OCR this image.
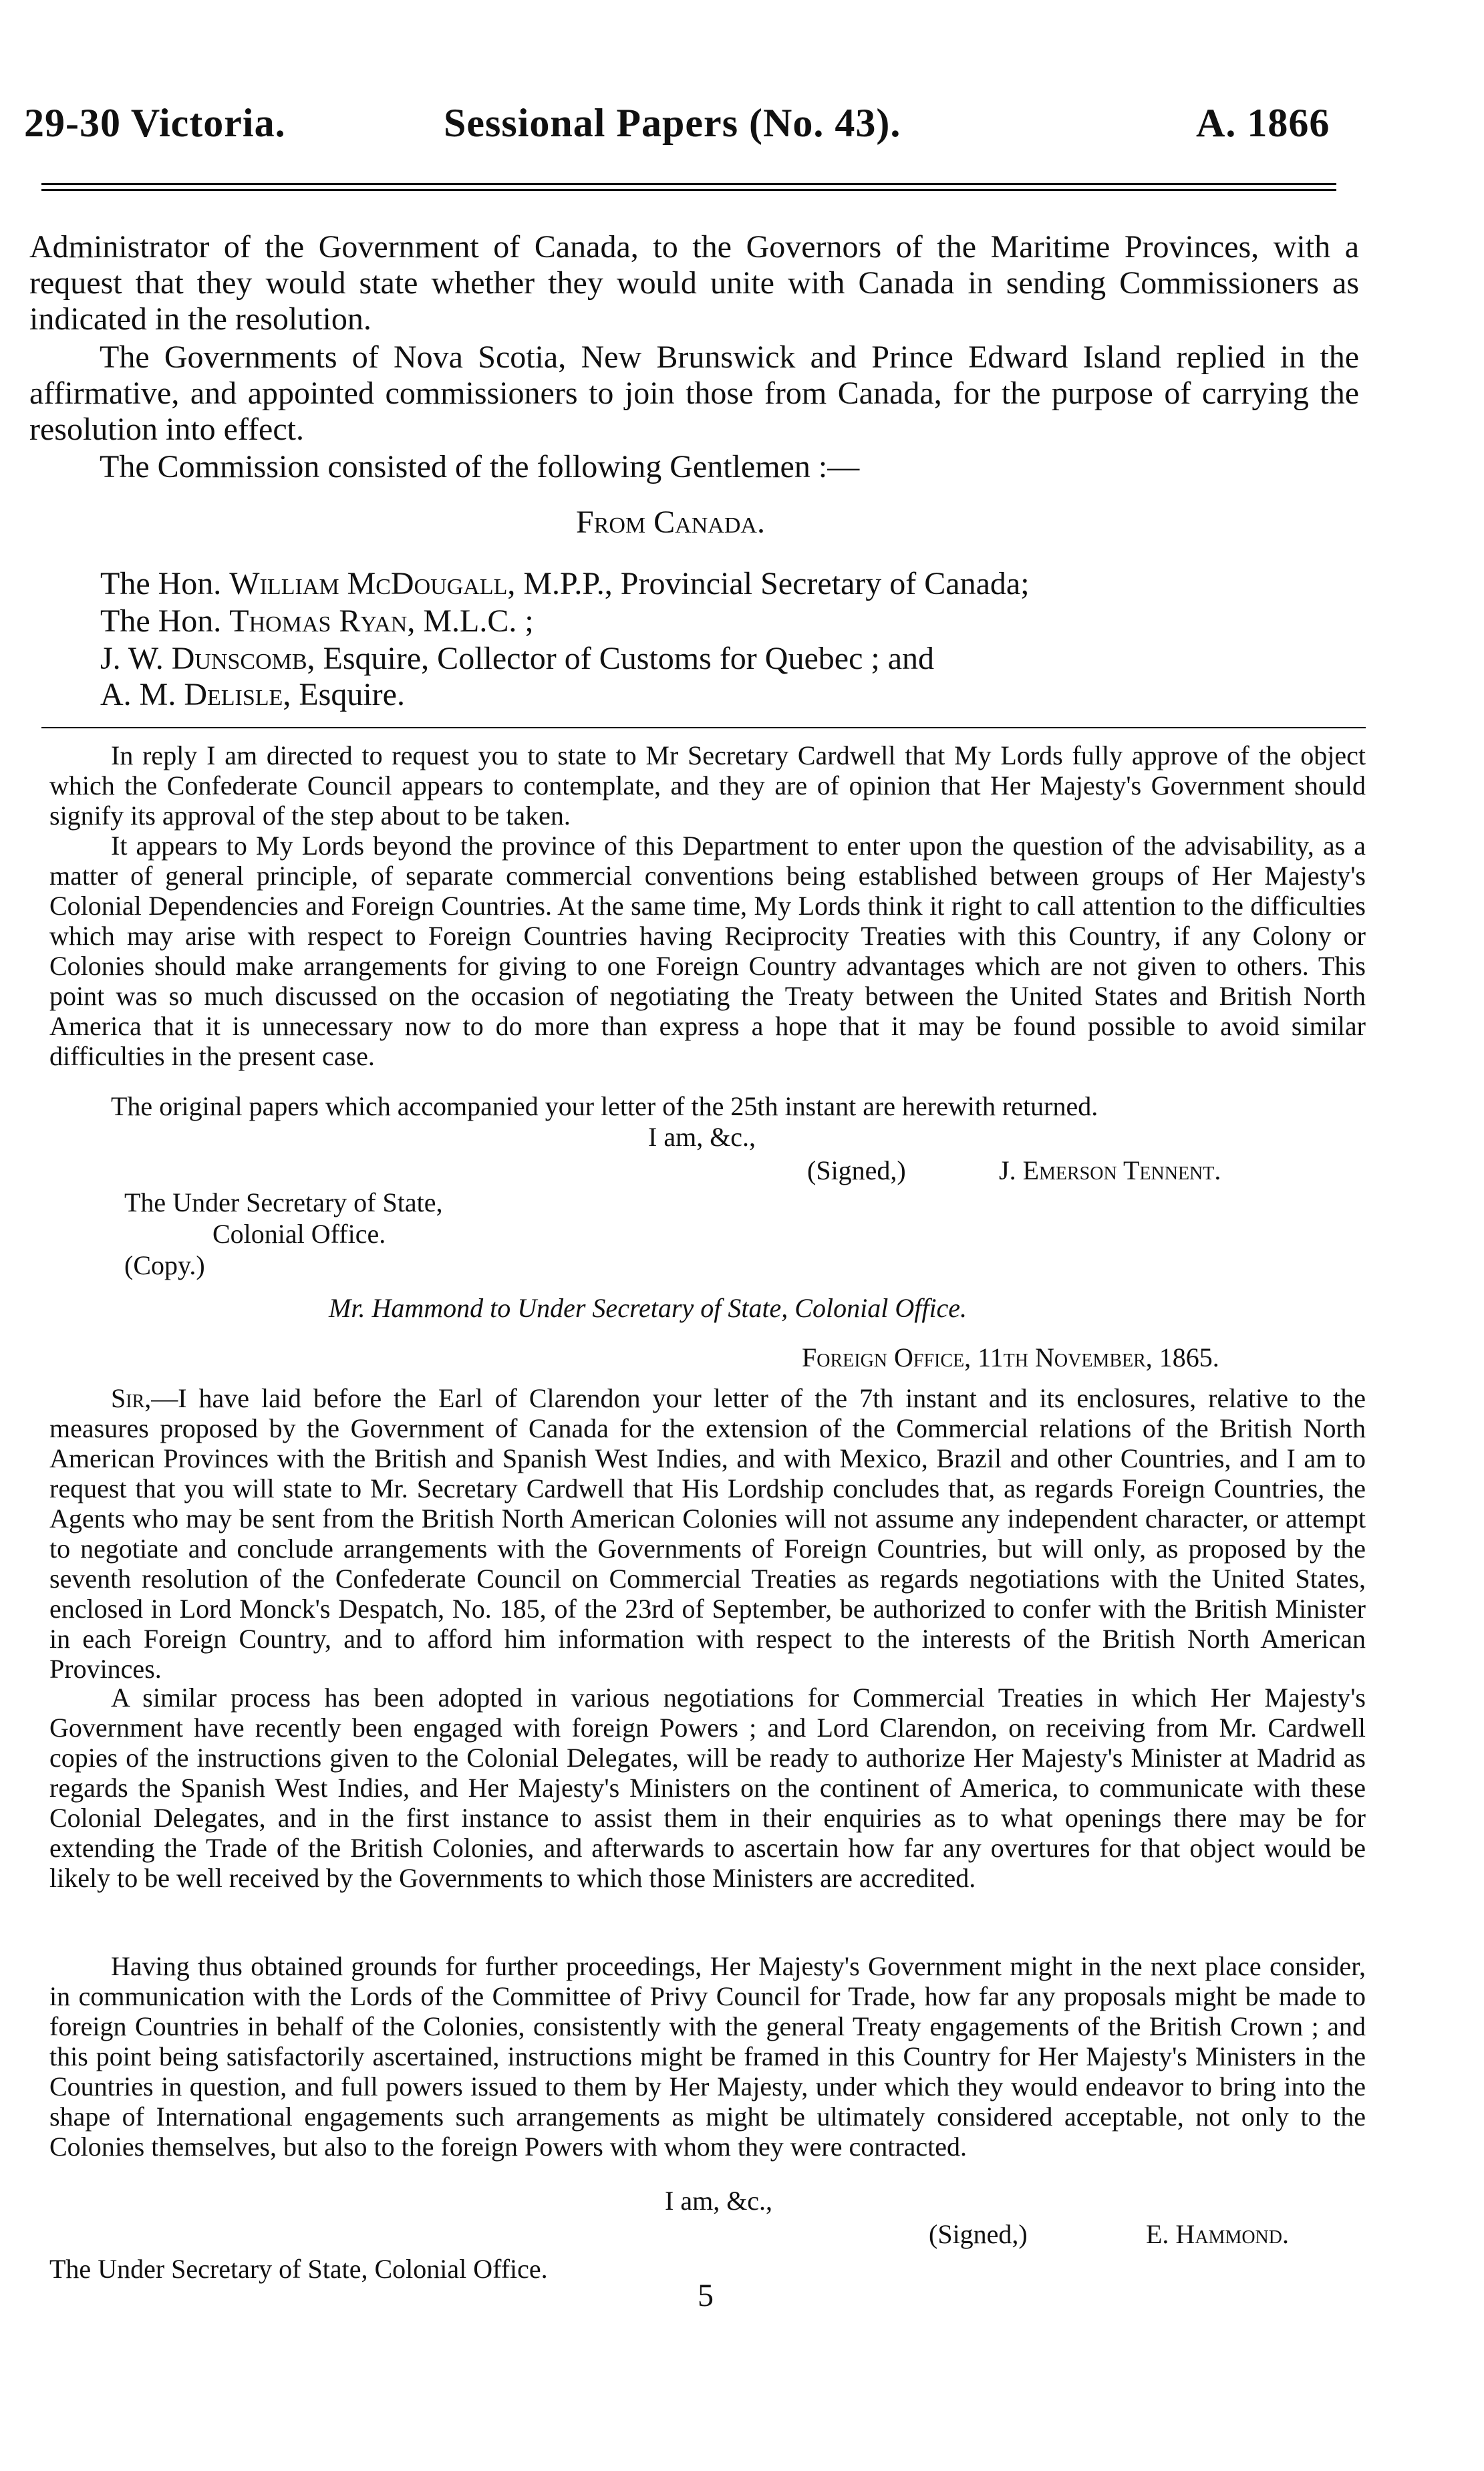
29-30 Victoria.	Sessional Papers (No. 43).	A. 1866

Administrator of the Government of Canada, to the Governors of the Maritime Provinces, with a request that they would state whether they would unite with Canada in sending Commissioners as indicated in the resolution.

The Governments of Nova Scotia, New Brunswick and Prince Edward Island replied in the affirmative, and appointed commissioners to join those from Canada, for the purpose of carrying the resolution into effect.

The Commission consisted of the following Gentlemen :—

From Canada.
The Hon. William McDougall, M.P.P., Provincial Secretary of Canada;
The Hon. Thomas Ryan, M.L.C. ;
J. W. Dunscomb, Esquire, Collector of Customs for Quebec ; and
A. M. Delisle, Esquire.

In reply I am directed to request you to state to Mr Secretary Cardwell that My Lords fully approve of the object which the Confederate Council appears to contemplate, and they are of opinion that Her Majesty's Government should signify its approval of the step about to be taken.

It appears to My Lords beyond the province of this Department to enter upon the question of the advisability, as a matter of general principle, of separate commercial conventions being established between groups of Her Majesty's Colonial Dependencies and Foreign Countries. At the same time, My Lords think it right to call attention to the difficulties which may arise with respect to Foreign Countries having Reciprocity Treaties with this Country, if any Colony or Colonies should make arrangements for giving to one Foreign Country advantages which are not given to others. This point was so much discussed on the occasion of negotiating the Treaty between the United States and British North America that it is unnecessary now to do more than express a hope that it may be found possible to avoid similar difficulties in the present case.

The original papers which accompanied your letter of the 25th instant are herewith returned.

I am, &c.,
(Signed,)	J. Emerson Tennent.
The Under Secretary of State,
Colonial Office.
(Copy.)
Mr. Hammond to Under Secretary of State, Colonial Office.
Foreign Office, 11th November, 1865.

Sir,—I have laid before the Earl of Clarendon your letter of the 7th instant and its enclosures, relative to the measures proposed by the Government of Canada for the extension of the Commercial relations of the British North American Provinces with the British and Spanish West Indies, and with Mexico, Brazil and other Countries, and I am to request that you will state to Mr. Secretary Cardwell that His Lordship concludes that, as regards Foreign Countries, the Agents who may be sent from the British North American Colonies will not assume any independent character, or attempt to negotiate and conclude arrangements with the Governments of Foreign Countries, but will only, as proposed by the seventh resolution of the Confederate Council on Commercial Treaties as regards negotiations with the United States, enclosed in Lord Monck's Despatch, No. 185, of the 23rd of September, be authorized to confer with the British Minister in each Foreign Country, and to afford him information with respect to the interests of the British North American Provinces.

A similar process has been adopted in various negotiations for Commercial Treaties in which Her Majesty's Government have recently been engaged with foreign Powers ; and Lord Clarendon, on receiving from Mr. Cardwell copies of the instructions given to the Colonial Delegates, will be ready to authorize Her Majesty's Minister at Madrid as regards the Spanish West Indies, and Her Majesty's Ministers on the continent of America, to communicate with these Colonial Delegates, and in the first instance to assist them in their enquiries as to what openings there may be for extending the Trade of the British Colonies, and afterwards to ascertain how far any overtures for that object would be likely to be well received by the Governments to which those Ministers are accredited.

Having thus obtained grounds for further proceedings, Her Majesty's Government might in the next place consider, in communication with the Lords of the Committee of Privy Council for Trade, how far any proposals might be made to foreign Countries in behalf of the Colonies, consistently with the general Treaty engagements of the British Crown ; and this point being satisfactorily ascertained, instructions might be framed in this Country for Her Majesty's Ministers in the Countries in question, and full powers issued to them by Her Majesty, under which they would endeavor to bring into the shape of International engagements such arrangements as might be ultimately considered acceptable, not only to the Colonies themselves, but also to the foreign Powers with whom they were contracted.

I am, &c.,
(Signed,)	E. Hammond.
The Under Secretary of State, Colonial Office.
5
